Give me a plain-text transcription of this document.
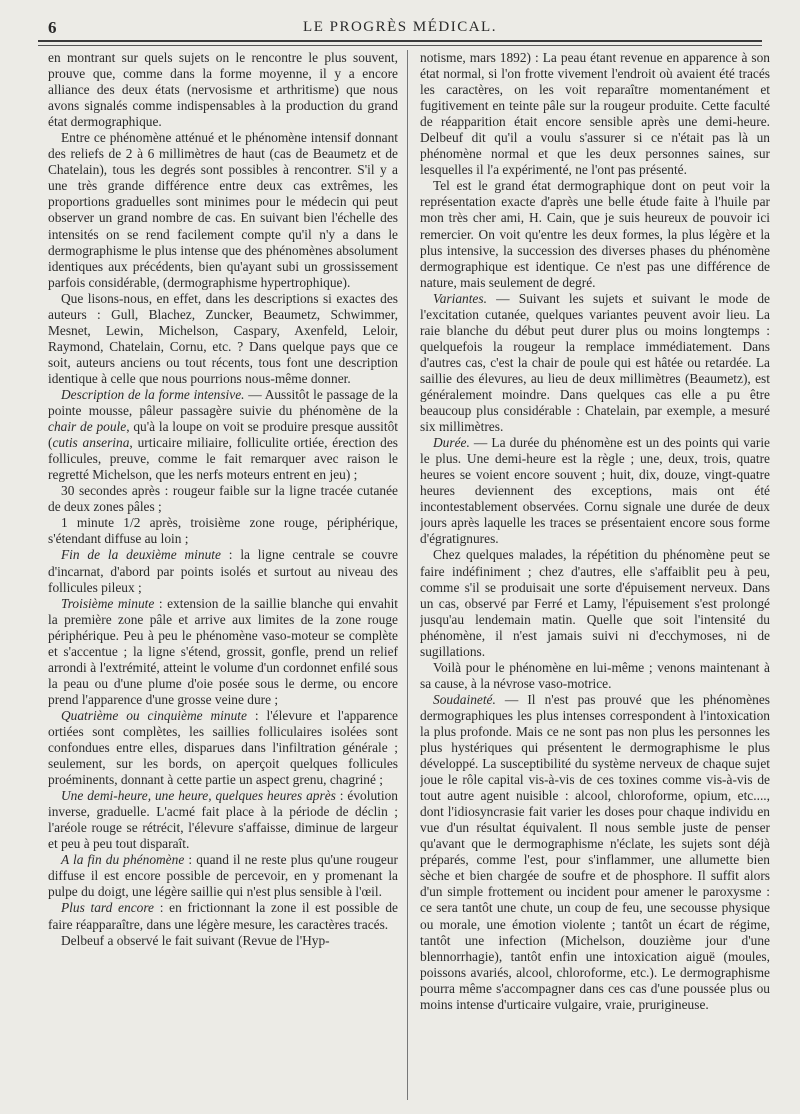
6	LE PROGRÈS MÉDICAL.

en montrant sur quels sujets on le rencontre le plus souvent, prouve que, comme dans la forme moyenne, il y a encore alliance des deux états (nervosisme et arthritisme) que nous avons signalés comme indispensables à la production du grand état dermographique.

Entre ce phénomène atténué et le phénomène intensif donnant des reliefs de 2 à 6 millimètres de haut (cas de Beaumetz et de Chatelain), tous les degrés sont possibles à rencontrer. S'il y a une très grande différence entre deux cas extrêmes, les proportions graduelles sont minimes pour le médecin qui peut observer un grand nombre de cas. En suivant bien l'échelle des intensités on se rend facilement compte qu'il n'y a dans le dermographisme le plus intense que des phénomènes absolument identiques aux précédents, bien qu'ayant subi un grossissement parfois considérable, (dermographisme hypertrophique).

Que lisons-nous, en effet, dans les descriptions si exactes des auteurs : Gull, Blachez, Zuncker, Beaumetz, Schwimmer, Mesnet, Lewin, Michelson, Caspary, Axenfeld, Leloir, Raymond, Chatelain, Cornu, etc. ? Dans quelque pays que ce soit, auteurs anciens ou tout récents, tous font une description identique à celle que nous pourrions nous-même donner.

Description de la forme intensive. — Aussitôt le passage de la pointe mousse, pâleur passagère suivie du phénomène de la chair de poule, qu'à la loupe on voit se produire presque aussitôt (cutis anserina, urticaire miliaire, folliculite ortiée, érection des follicules, preuve, comme le fait remarquer avec raison le regretté Michelson, que les nerfs moteurs entrent en jeu) ;

30 secondes après : rougeur faible sur la ligne tracée cutanée de deux zones pâles ;

1 minute 1/2 après, troisième zone rouge, périphérique, s'étendant diffuse au loin ;

Fin de la deuxième minute : la ligne centrale se couvre d'incarnat, d'abord par points isolés et surtout au niveau des follicules pileux ;

Troisième minute : extension de la saillie blanche qui envahit la première zone pâle et arrive aux limites de la zone rouge périphérique. Peu à peu le phénomène vaso-moteur se complète et s'accentue ; la ligne s'étend, grossit, gonfle, prend un relief arrondi à l'extrémité, atteint le volume d'un cordonnet enfilé sous la peau ou d'une plume d'oie posée sous le derme, ou encore prend l'apparence d'une grosse veine dure ;

Quatrième ou cinquième minute : l'élevure et l'apparence ortiées sont complètes, les saillies folliculaires isolées sont confondues entre elles, disparues dans l'infiltration générale ; seulement, sur les bords, on aperçoit quelques follicules proéminents, donnant à cette partie un aspect grenu, chagriné ;

Une demi-heure, une heure, quelques heures après : évolution inverse, graduelle. L'acmé fait place à la période de déclin ; l'aréole rouge se rétrécit, l'élevure s'affaisse, diminue de largeur et peu à peu tout disparaît.

A la fin du phénomène : quand il ne reste plus qu'une rougeur diffuse il est encore possible de percevoir, en y promenant la pulpe du doigt, une légère saillie qui n'est plus sensible à l'œil.

Plus tard encore : en frictionnant la zone il est possible de faire réapparaître, dans une légère mesure, les caractères tracés.

Delbeuf a observé le fait suivant (Revue de l'Hyp-

notisme, mars 1892) : La peau étant revenue en apparence à son état normal, si l'on frotte vivement l'endroit où avaient été tracés les caractères, on les voit reparaître momentanément et fugitivement en teinte pâle sur la rougeur produite. Cette faculté de réapparition était encore sensible après une demi-heure. Delbeuf dit qu'il a voulu s'assurer si ce n'était pas là un phénomène normal et que les deux personnes saines, sur lesquelles il l'a expérimenté, ne l'ont pas présenté.

Tel est le grand état dermographique dont on peut voir la représentation exacte d'après une belle étude faite à l'huile par mon très cher ami, H. Cain, que je suis heureux de pouvoir ici remercier. On voit qu'entre les deux formes, la plus légère et la plus intensive, la succession des diverses phases du phénomène dermographique est identique. Ce n'est pas une différence de nature, mais seulement de degré.

Variantes. — Suivant les sujets et suivant le mode de l'excitation cutanée, quelques variantes peuvent avoir lieu. La raie blanche du début peut durer plus ou moins longtemps : quelquefois la rougeur la remplace immédiatement. Dans d'autres cas, c'est la chair de poule qui est hâtée ou retardée. La saillie des élevures, au lieu de deux millimètres (Beaumetz), est généralement moindre. Dans quelques cas elle a pu être beaucoup plus considérable : Chatelain, par exemple, a mesuré six millimètres.

Durée. — La durée du phénomène est un des points qui varie le plus. Une demi-heure est la règle ; une, deux, trois, quatre heures se voient encore souvent ; huit, dix, douze, vingt-quatre heures deviennent des exceptions, mais ont été incontestablement observées. Cornu signale une durée de deux jours après laquelle les traces se présentaient encore sous forme d'égratignures.

Chez quelques malades, la répétition du phénomène peut se faire indéfiniment ; chez d'autres, elle s'affaiblit peu à peu, comme s'il se produisait une sorte d'épuisement nerveux. Dans un cas, observé par Ferré et Lamy, l'épuisement s'est prolongé jusqu'au lendemain matin. Quelle que soit l'intensité du phénomène, il n'est jamais suivi ni d'ecchymoses, ni de sugillations.

Voilà pour le phénomène en lui-même ; venons maintenant à sa cause, à la névrose vaso-motrice.

Soudaineté. — Il n'est pas prouvé que les phénomènes dermographiques les plus intenses correspondent à l'intoxication la plus profonde. Mais ce ne sont pas non plus les personnes les plus hystériques qui présentent le dermographisme le plus développé. La susceptibilité du système nerveux de chaque sujet joue le rôle capital vis-à-vis de ces toxines comme vis-à-vis de tout autre agent nuisible : alcool, chloroforme, opium, etc...., dont l'idiosyncrasie fait varier les doses pour chaque individu en vue d'un résultat équivalent. Il nous semble juste de penser qu'avant que le dermographisme n'éclate, les sujets sont déjà préparés, comme l'est, pour s'inflammer, une allumette bien sèche et bien chargée de soufre et de phosphore. Il suffit alors d'un simple frottement ou incident pour amener le paroxysme : ce sera tantôt une chute, un coup de feu, une secousse physique ou morale, une émotion violente ; tantôt un écart de régime, tantôt une infection (Michelson, douzième jour d'une blennorrhagie), tantôt enfin une intoxication aiguë (moules, poissons avariés, alcool, chloroforme, etc.). Le dermographisme pourra même s'accompagner dans ces cas d'une poussée plus ou moins intense d'urticaire vulgaire, vraie, prurigineuse.
